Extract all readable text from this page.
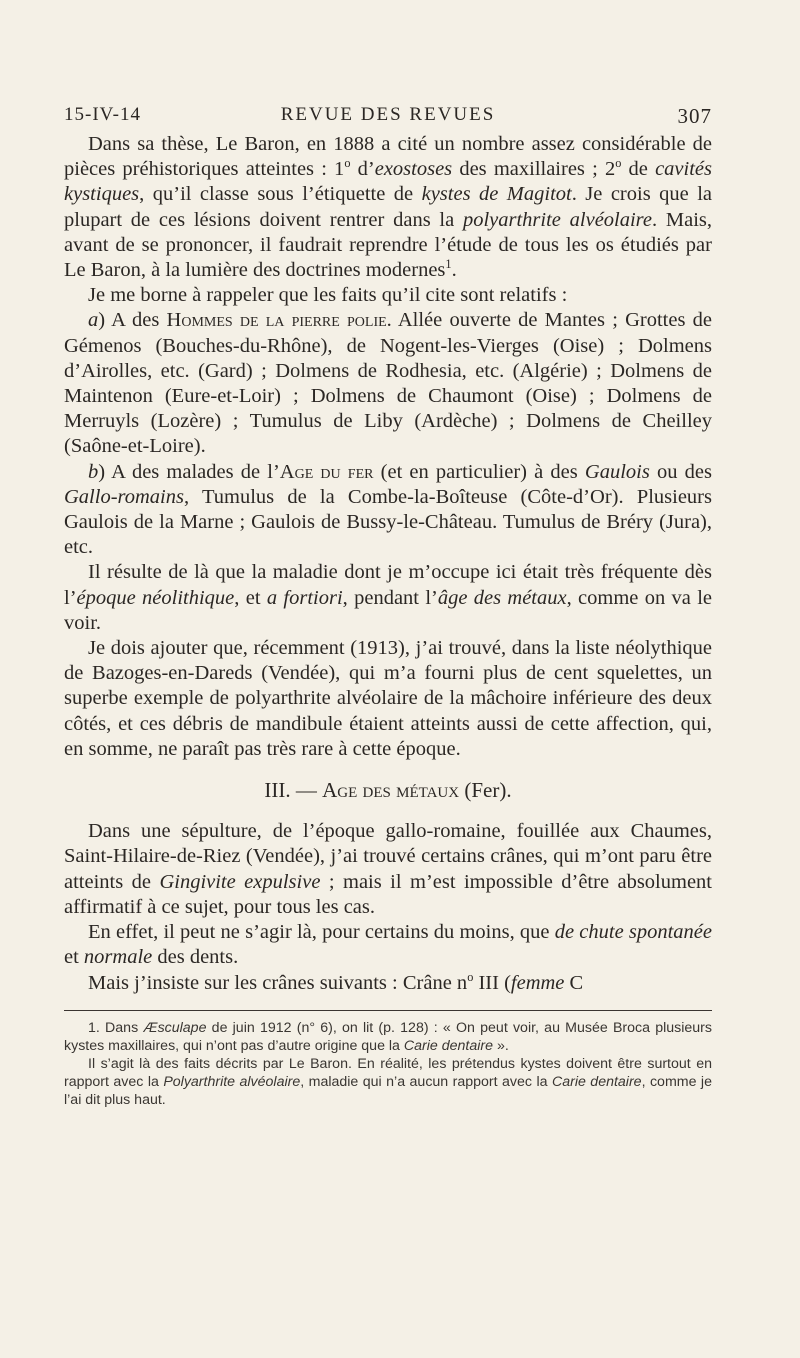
15-IV-14	REVUE DES REVUES	307

Dans sa thèse, Le Baron, en 1888 a cité un nombre assez considérable de pièces préhistoriques atteintes : 1$^o$ d’exostoses des maxillaires ; 2$^o$ de cavités kystiques, qu’il classe sous l’étiquette de kystes de Magitot. Je crois que la plupart de ces lésions doivent rentrer dans la polyarthrite alvéolaire. Mais, avant de se prononcer, il faudrait reprendre l’étude de tous les os étudiés par Le Baron, à la lumière des doctrines modernes$^1$.

Je me borne à rappeler que les faits qu’il cite sont relatifs :

a) A des Hommes de la pierre polie. Allée ouverte de Mantes ; Grottes de Gémenos (Bouches-du-Rhône), de Nogent-les-Vierges (Oise) ; Dolmens d’Airolles, etc. (Gard) ; Dolmens de Rodhesia, etc. (Algérie) ; Dolmens de Maintenon (Eure-et-Loir) ; Dolmens de Chaumont (Oise) ; Dolmens de Merruyls (Lozère) ; Tumulus de Liby (Ardèche) ; Dolmens de Cheilley (Saône-et-Loire).

b) A des malades de l’Age du fer (et en particulier) à des Gaulois ou des Gallo-romains, Tumulus de la Combe-la-Boîteuse (Côte-d’Or). Plusieurs Gaulois de la Marne ; Gaulois de Bussy-le-Château. Tumulus de Bréry (Jura), etc.

Il résulte de là que la maladie dont je m’occupe ici était très fréquente dès l’époque néolithique, et a fortiori, pendant l’âge des métaux, comme on va le voir.

Je dois ajouter que, récemment (1913), j’ai trouvé, dans la liste néolythique de Bazoges-en-Dareds (Vendée), qui m’a fourni plus de cent squelettes, un superbe exemple de polyarthrite alvéolaire de la mâchoire inférieure des deux côtés, et ces débris de mandibule étaient atteints aussi de cette affection, qui, en somme, ne paraît pas très rare à cette époque.

III. — Age des métaux (Fer).

Dans une sépulture, de l’époque gallo-romaine, fouillée aux Chaumes, Saint-Hilaire-de-Riez (Vendée), j’ai trouvé certains crânes, qui m’ont paru être atteints de Gingivite expulsive ; mais il m’est impossible d’être absolument affirmatif à ce sujet, pour tous les cas.

En effet, il peut ne s’agir là, pour certains du moins, que de chute spontanée et normale des dents.

Mais j’insiste sur les crânes suivants : Crâne $n^o$ III (femme C

1. Dans Æsculape de juin 1912 (n° 6), on lit (p. 128) : « On peut voir, au Musée Broca plusieurs kystes maxillaires, qui n’ont pas d’autre origine que la Carie dentaire ».

Il s’agit là des faits décrits par Le Baron. En réalité, les prétendus kystes doivent être surtout en rapport avec la Polyarthrite alvéolaire, maladie qui n’a aucun rapport avec la Carie dentaire, comme je l’ai dit plus haut.
